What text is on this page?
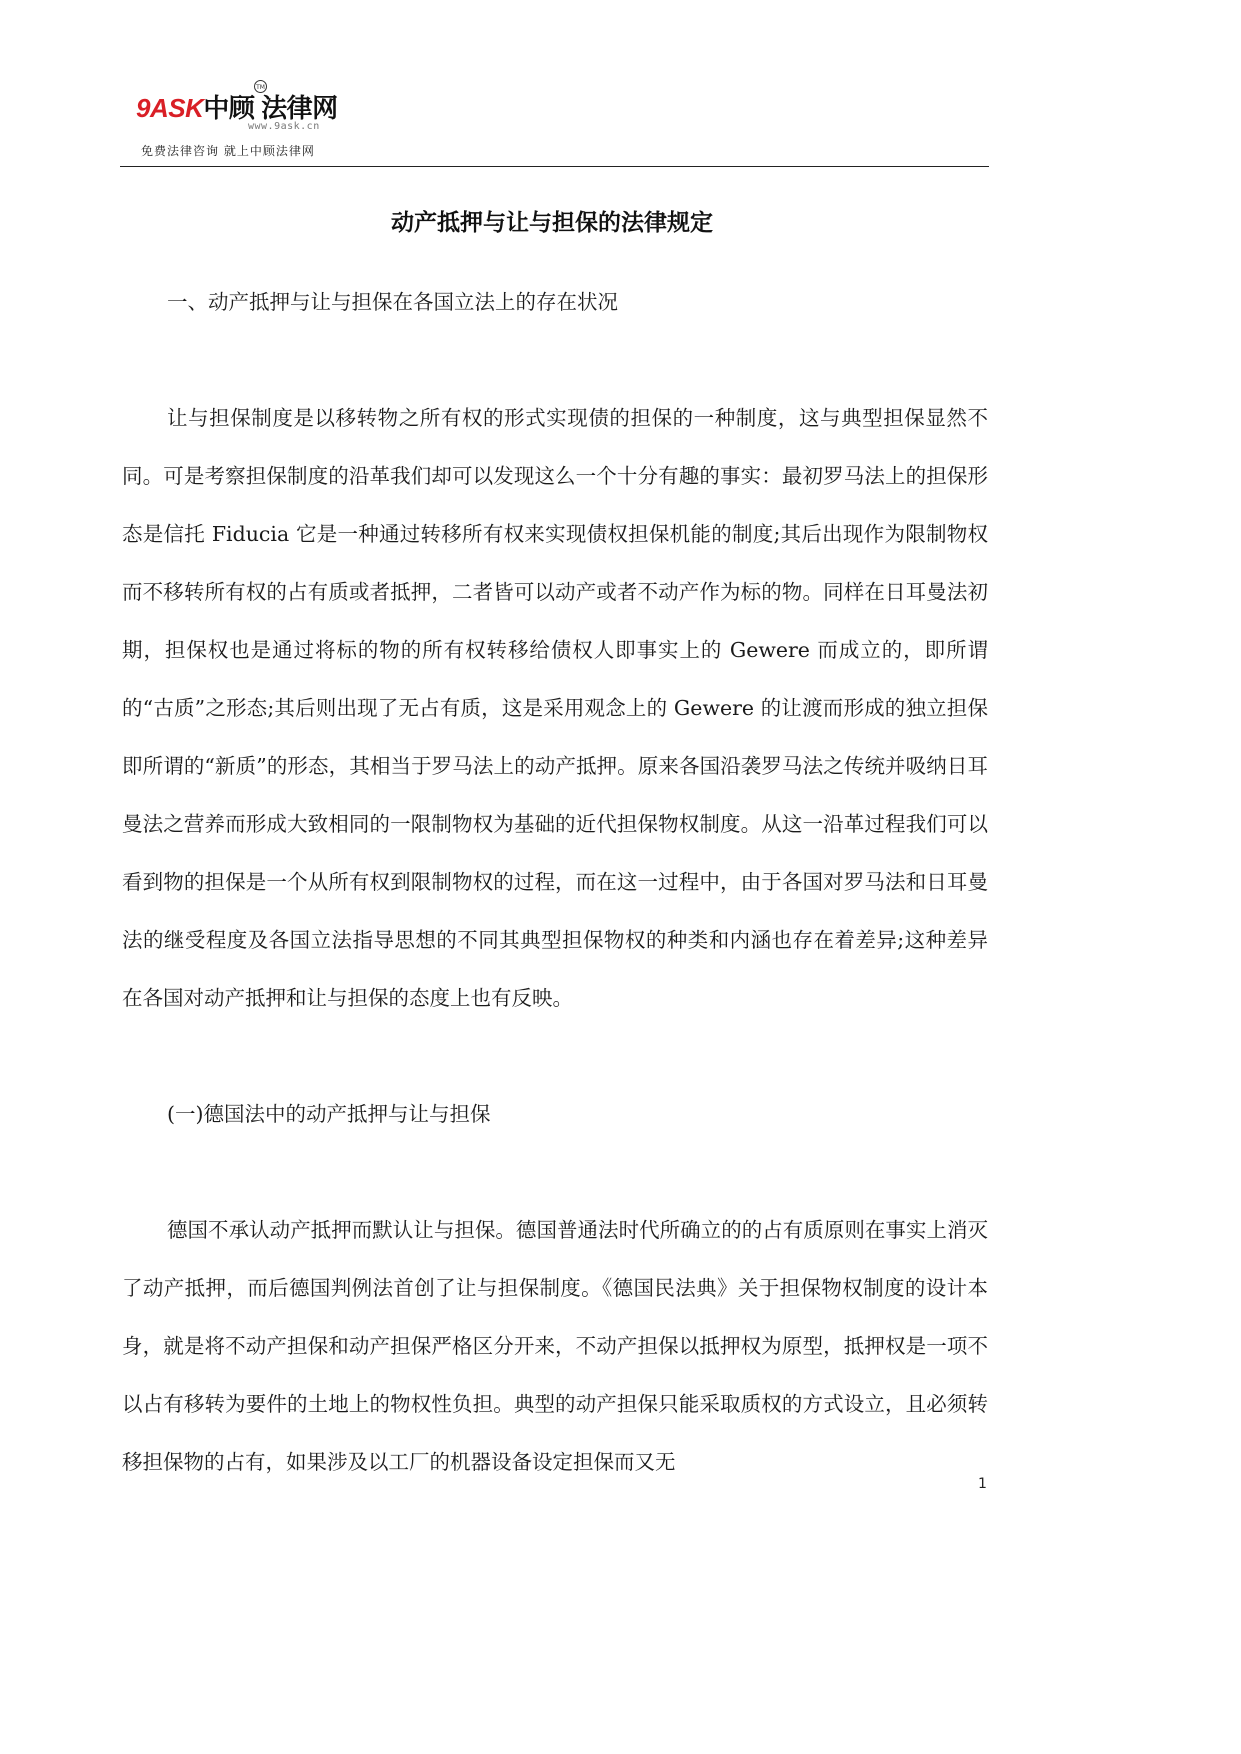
9ASK中顾 法律网
TM
www.9ask.cn
免费法律咨询 就上中顾法律网
动产抵押与让与担保的法律规定

一、动产抵押与让与担保在各国立法上的存在状况

让与担保制度是以移转物之所有权的形式实现债的担保的一种制度，这与典型担保显然不同。可是考察担保制度的沿革我们却可以发现这么一个十分有趣的事实：最初罗马法上的担保形态是信托 Fiducia 它是一种通过转移所有权来实现债权担保机能的制度;其后出现作为限制物权而不移转所有权的占有质或者抵押，二者皆可以动产或者不动产作为标的物。同样在日耳曼法初期，担保权也是通过将标的物的所有权转移给债权人即事实上的 Gewere 而成立的，即所谓的“古质”之形态;其后则出现了无占有质，这是采用观念上的 Gewere 的让渡而形成的独立担保即所谓的“新质”的形态，其相当于罗马法上的动产抵押。原来各国沿袭罗马法之传统并吸纳日耳曼法之营养而形成大致相同的一限制物权为基础的近代担保物权制度。从这一沿革过程我们可以看到物的担保是一个从所有权到限制物权的过程，而在这一过程中，由于各国对罗马法和日耳曼法的继受程度及各国立法指导思想的不同其典型担保物权的种类和内涵也存在着差异;这种差异在各国对动产抵押和让与担保的态度上也有反映。

(一)德国法中的动产抵押与让与担保

德国不承认动产抵押而默认让与担保。德国普通法时代所确立的的占有质原则在事实上消灭了动产抵押，而后德国判例法首创了让与担保制度。《德国民法典》关于担保物权制度的设计本身，就是将不动产担保和动产担保严格区分开来，不动产担保以抵押权为原型，抵押权是一项不以占有移转为要件的土地上的物权性负担。典型的动产担保只能采取质权的方式设立，且必须转移担保物的占有，如果涉及以工厂的机器设备设定担保而又无

1
